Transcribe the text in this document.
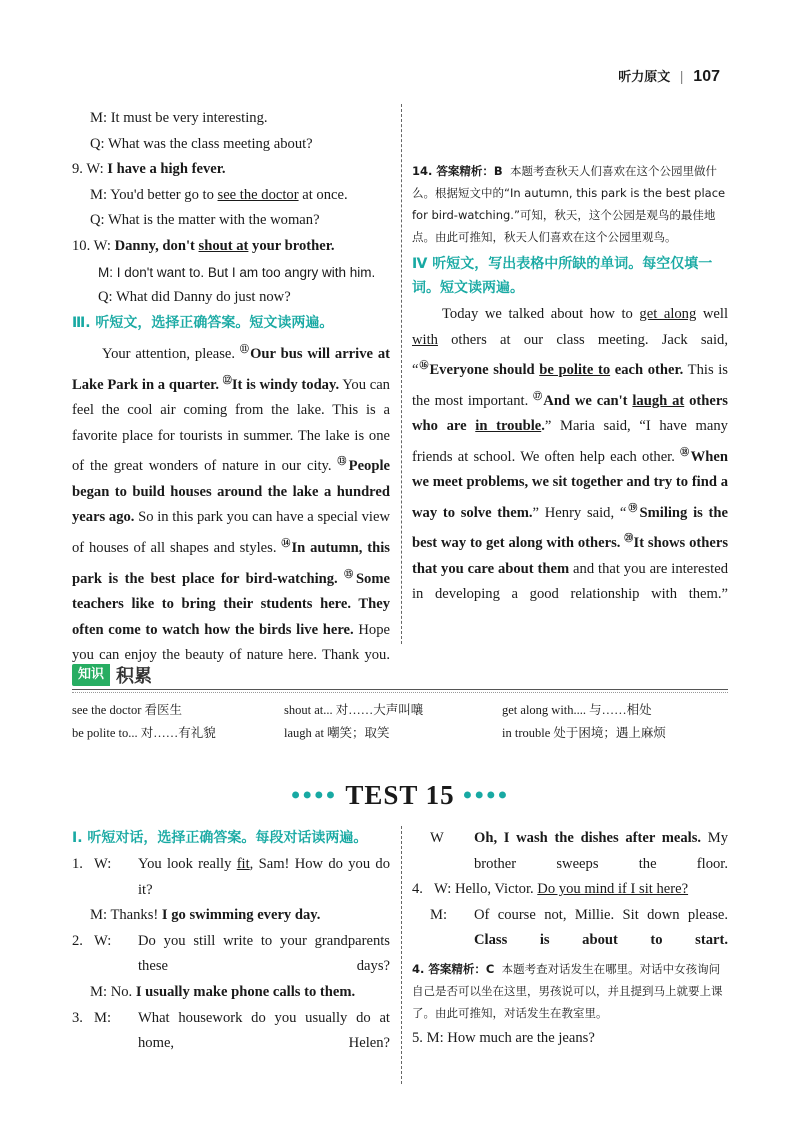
听力原文 | 107
M: It must be very interesting.
Q: What was the class meeting about?
9. W: I have a high fever.
M: You'd better go to see the doctor at once.
Q: What is the matter with the woman?
10. W: Danny, don't shout at your brother.
M: I don't want to. But I am too angry with him.
Q: What did Danny do just now?
Ⅲ. 听短文，选择正确答案。短文读两遍。
Your attention, please. ⑪Our bus will arrive at Lake Park in a quarter. ⑫It is windy today. You can feel the cool air coming from the lake. This is a favorite place for tourists in summer. The lake is one of the great wonders of nature in our city. ⑬People began to build houses around the lake a hundred years ago. So in this park you can have a special view of houses of all shapes and styles. ⑭In autumn, this park is the best place for bird-watching. ⑮Some teachers like to bring their students here. They often come to watch how the birds live here. Hope you can enjoy the beauty of nature here. Thank you.
14. 答案精析：B 本题考查秋天人们喜欢在这个公园里做什么。根据短文中的“In autumn, this park is the best place for bird-watching.”可知，秋天，这个公园是观鸟的最佳地点。由此可推知，秋天人们喜欢在这个公园里观鸟。
Ⅳ 听短文，写出表格中所缺的单词。每空仅填一词。短文读两遍。
Today we talked about how to get along well with others at our class meeting. Jack said, “⑯Everyone should be polite to each other. This is the most important. ⑰And we can't laugh at others who are in trouble.” Maria said, “I have many friends at school. We often help each other. ⑱When we meet problems, we sit together and try to find a way to solve them.” Henry said, “⑲Smiling is the best way to get along with others. ⑳It shows others that you care about them and that you are interested in developing a good relationship with them.”
知识 积累
see the doctor 看医生	shout at... 对……大声叫嚷	get along with.... 与……相处
be polite to... 对……有礼貌	laugh at 嘲笑；取笑	in trouble 处于困境；遇上麻烦
●●●● TEST 15 ●●●●
Ⅰ. 听短对话，选择正确答案。每段对话读两遍。
1. W:You look really fit, Sam! How do you do it?
M: Thanks! I go swimming every day.
2. W:Do you still write to your grandparents these days?
M: No. I usually make phone calls to them.
3. M:What housework do you usually do at home, Helen?
W Oh, I wash the dishes after meals. My brother sweeps the floor.
4. W: Hello, Victor. Do you mind if I sit here?
M:Of course not, Millie. Sit down please. Class is about to start.
4. 答案精析：C 本题考查对话发生在哪里。对话中女孩询问自己是否可以坐在这里，男孩说可以，并且提到马上就要上课了。由此可推知，对话发生在教室里。
5. M: How much are the jeans?
